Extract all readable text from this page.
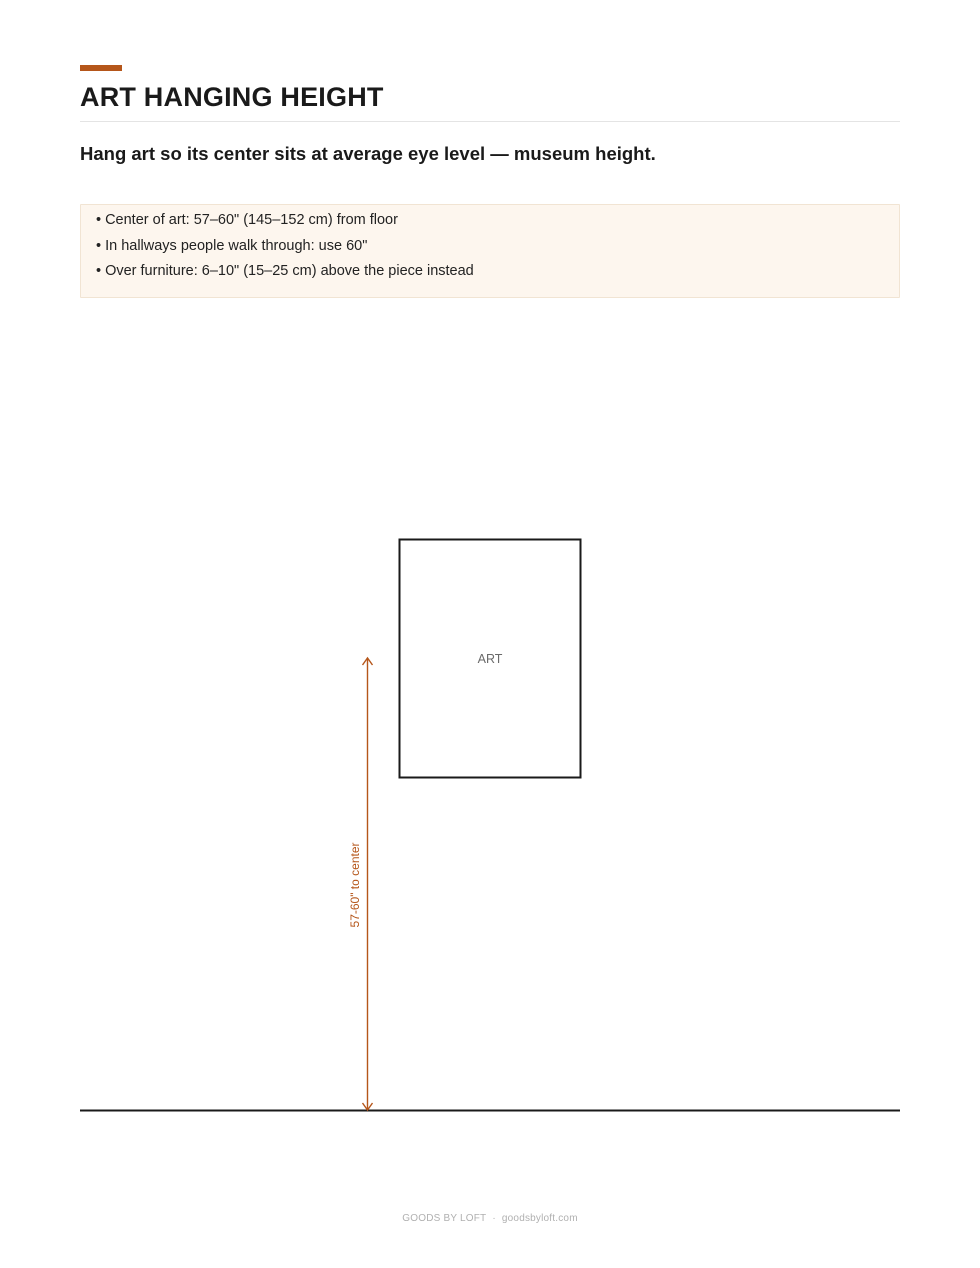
ART HANGING HEIGHT
Hang art so its center sits at average eye level — museum height.
• Center of art: 57–60" (145–152 cm) from floor
• In hallways people walk through: use 60"
• Over furniture: 6–10" (15–25 cm) above the piece instead
ART
57-60" to center
GOODS BY LOFT · goodsbyloft.com
